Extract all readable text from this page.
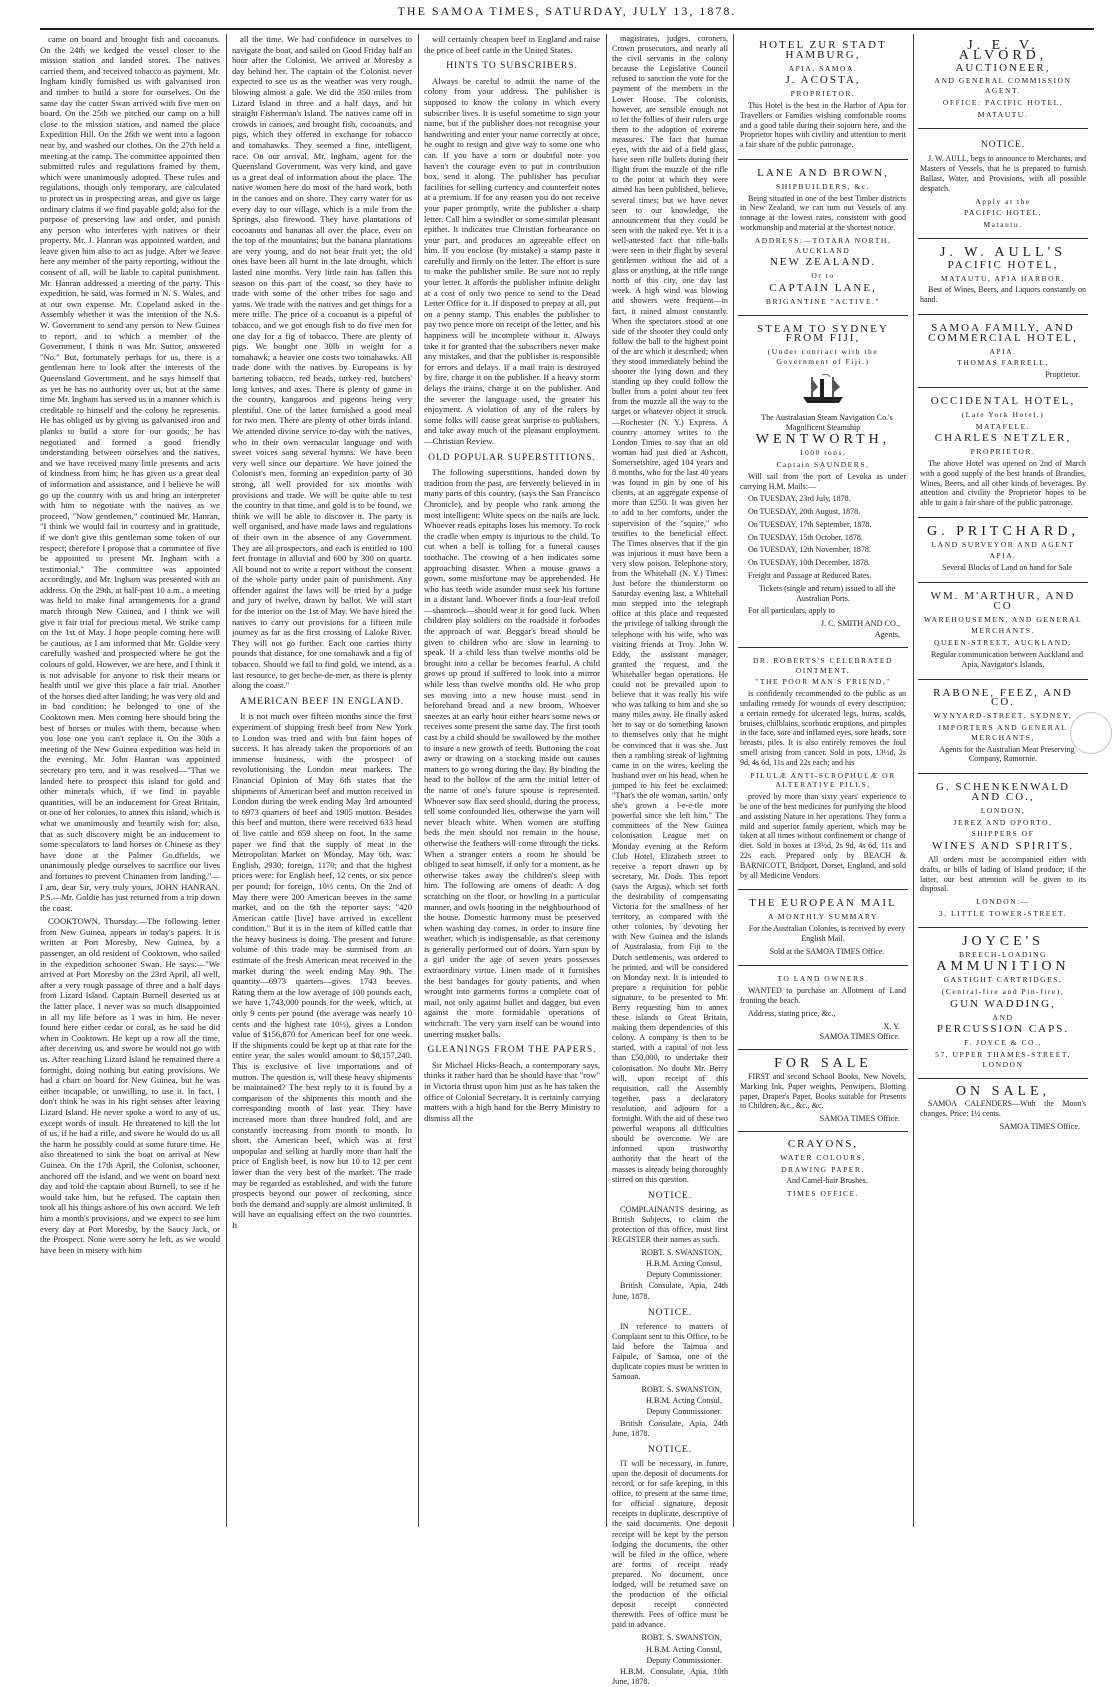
THE SAMOA TIMES, SATURDAY, JULY 13, 1878.

came on board and brought fish and cocoanuts. On the 24th we kedged the vessel closer to the mission station and landed stores. The natives carried them, and received tobacco as payment. Mr. Ingham kindly furnished us with galvanised iron and timber to build a store for ourselves. On the same day the cutter Swan arrived with five men on board. On the 25th we pitched our camp on a hill close to the mission station, and named the place Expedition Hill. On the 26th we went into a lagoon near by, and washed our clothes. On the 27th held a meeting at the camp. The committee appointed then submitted rules and regulations framed by them, which were unanimously adopted. These rules and regulations, though only temporary, are calculated to protect us in prospecting areas, and give us large ordinary claims if we find payable gold; also for the purpose of preserving law and order, and punish any person who interferes with natives or their property. Mr. J. Hanran was appointed warden, and leave given him also to act as judge. After we leave here any member of the party reporting, without the consent of all, will be liable to capital punishment. Mr. Hanran addressed a meeting of the party. This expedition, he said, was formed in N. S. Wales, and at our own expense. Mr. Copeland asked in the Assembly whether it was the intention of the N.S. W. Government to send any person to New Guinea to report, and to which a member of the Government, I think it was Mr. Suttor, answered "No." But, fortunately perhaps for us, there is a gentleman here to look after the interests of the Queensland Government, and he says himself that as yet he has no authority over us, but at the same time Mr. Ingham has served us in a manner which is creditable to himself and the colony he represents. He has obliged us by giving us galvanised iron and planks to build a store for our goods; he has negotiated and formed a good friendly understanding between ourselves and the natives, and we have received many little presents and acts of kindness from him; he has given us a great deal of information and assistance, and I believe he will go up the country with us and bring an interpreter with him to negotiate with the natives as we proceed, "Now gentlemen," continued Mr. Hanran, "I think we would fail in courtesy and in gratitude, if we don't give this gentleman some token of our respect; therefore I propose that a committee of five be appointed to present Mr. Ingham with a testimonial." The committee was appointed accordingly, and Mr. Ingham was presented with an address. On the 29th, at half-past 10 a.m., a meeting was held to make final arrangements for a grand march through New Guinea, and I think we will give it fair trial for precious metal. We strike camp on the 1st of May. I hope people coming here will be cautious, as I am informed that Mr. Goldie very carefully washed and prospected where he got the colours of gold. However, we are here, and I think it is not advisable for anyone to risk their means or health until we give this place a fair trial. Another of the horses died after landing; he was very old and in bad condition; he belonged to one of the Cooktown men. Men coming here should bring the best of horses or mules with them, because when you lose one you can't replace it. On the 30th a meeting of the New Guinea expedition was held in the evening. Mr. John Hanran was appointed secretary pro tem, and it was resolved—"That we landed here to prospect this island for gold and other minerals which, if we find in payable quantities, will be an inducement for Great Britain, or one of her colonies, to annex this island, which is what we unanimously and heartily wish for; also, that as such discovery might be an inducement to some speculators to land horses or Chinese as they have done at the Palmer Go.dfields, we unanimously pledge ourselves to sacrifice our lives and fortunes to prevent Chinamen from landing."—I am, dear Sir, very truly yours, JOHN HANRAN. P.S.—Mr. Goldie has just returned from a trip down the coast.

COOKTOWN, Thursday.—The following letter from New Guinea, appears in today's papers. It is written at Port Moresby, New Guinea, by a passenger, an old resident of Cooktown, who sailed in the expedition schooner Swan. He says:—"We arrived at Port Moresby on the 23rd April, all well, after a very rough passage of three and a half days from Lizard Island. Captain Burnell deserted us at the latter place. I never was so much disappointed in all my life before as I was in him. He never found here either cedar or coral, as he said he did when in Cooktown. He kept up a row all the time, after deceiving us, and swore he would not go with us. After reaching Lizard Island he remained there a fortnight, doing nothing but eating provisions. We had a chart on board for New Guinea, but he was either incapable, or unwilling, to use it. In fact, I don't think he was in his right senses after leaving Lizard Island. He never spoke a word to any of us, except words of insult. He threatened to kill the lot of us, if he had a rifle, and swore he would do us all the harm he possibly could at some future time. He also threatened to sink the boat on arrival at New Guinea. On the 17th April, the Colonist, schooner, anchored off the island, and we went on board next day and told the captain about Burnell, to see if he would take him, but he refused. The captain then took all his things ashore of his own accord. We left him a month's provisions, and we expect to see him every day at Port Moresby, by the Saucy Jack, or the Prospect. None were sorry he left, as we would have been in misery with him

all the time. We had confidence in ourselves to navigate the boat, and sailed on Good Friday half an hour after the Colonist. We arrived at Moresby a day behind her. The captain of the Colonist never expected to see us as the weather was very rough, blowing almost a gale. We did the 350 miles from Lizard Island in three and a half days, and hit straight Fisherman's Island. The natives came off in crowds in canoes, and brought fish, cocoanuts, and pigs, which they offered in exchange for tobacco and tomahawks. They seemed a fine, intelligent, race. On our arrival, Mr. Ingham, agent for the Queensland Government, was very kind, and gave us a great deal of information about the place. The native women here do most of the hard work, both in the canoes and on shore. They carry water for us every day to our village, which is a mile from the Springs, also firewood. They have plantations of cocoanuts and bananas all over the place, even on the top of the mountains; but the banana plantations are very young, and do not bear fruit yet; the old ones have been all burnt in the late drought, which lasted nine months. Very little rain has fallen this season on this part of the coast, so they have to trade with some of the other tribes for sago and yams. We trade with the natives and get things for a mere trifle. The price of a cocoanut is a pipeful of tobacco, and we got enough fish to do five men for one day for a fig of tobacco. There are plenty of pigs. We bought one 30lb in weight for a tomahawk; a heavier one costs two tomahawks. All trade done with the natives by Europeans is by bartering tobacco, red beads, turkey red, butchers' long knives, and axes. There is plenty of game in the country, kangaroos and pigeons being very plentiful. One of the latter furnished a good meal for two men. There are plenty of other birds inland. We attended divine service to-day with the natives, who in their own vernacular language and with sweet voices sang several hymns. We have been very well since our departure. We have joined the Colonist's men, forming an expedition party of 30 strong, all well provided for six months with provisions and trade. We will be quite able to test the country in that time, and gold is to be found, we think we will be able to discover it. The party is well organised, and have made laws and regulations of their own in the absence of any Government. They are all prospectors, and each is entitled to 100 feet frontage in alluvial and 600 by 300 on quartz. All bound not to write a report without the consent of the whole party under pain of punishment. Any offender against the laws will be tried by a judge and jury of twelve, drawn by ballot. We will start for the interior on the 1st of May. We have hired the natives to carry our provisions for a fifteen mile journey as far as the first crossing of Laloke River. They will not go further. Each one carries thirty pounds that distance, for one tomahawk and a fig of tobacco. Should we fail to find gold, we intend, as a last resource, to get beche-de-mer, as there is plenty along the coast."

AMERICAN BEEF IN ENGLAND.

It is not much over fifteen months since the first experiment of shipping fresh beef from New York to London was tried and with but faint hopes of success. It has already taken the proportions of an immense business, with the prospect of revolutionising the London meat markets. The Financial Opinion of May 6th states that the shipments of American beef and mutton received in London during the week ending May 3rd amounted to 6973 quarters of beef and 1905 mutton. Besides this beef and mutton, there were received 633 head of live cattle and 659 sheep on foot. In the same paper we find that the supply of meat in the Metropolitan Market on Monday, May 6th, was: English, 2930; foreign, 1170; and that the highest prices were: for English beef, 12 cents, or six pence per pound; for foreign, 10½ cents. On the 2nd of May there were 200 American beeves in the same market, and on the 6th the reporter says: "420 American cattle [live] have arrived in excellent condition." But it is in the item of killed cattle that the heavy business is doing. The present and future volume of this trade may be surmised from an estimate of the fresh American meat received in the market during the week ending May 9th. The quantity—6973 quarters—gives 1743 beeves. Rating them at the low average of 100 pounds each, we have 1,743,000 pounds for the week, which, at only 9 cents per pound (the average was nearly 10 cents and the highest rate 10½), gives a London value of $156,870 for American beef for one week. If the shipments could be kept up at that rate for the entire year, the sales would amount to $8,157,240. This is exclusive of live importations and of mutton. The question is, will these heavy shipments be maintained? The best reply to it is found by a comparison of the shipments this month and the corresponding month of last year. They have increased more than three hundred fold, and are constantly increasing from month to month. In short, the American beef, which was at first unpopular and selling at hardly more than half the price of English beef, is now but 10 to 12 per cent lower than the very best of the market. The trade may be regarded as established, and with the future prospects beyond our power of reckoning, since both the demand and supply are almost unlimited. It will have an equalising effect on the two countries. It

will certainly cheapen beef in England and raise the price of beef cattle in the United States.

HINTS TO SUBSCRIBERS.

Always be careful to admit the name of the colony from your address. The publisher is supposed to know the colony in which every subscriber lives. It is useful sometime to sign your name, but if the publisher does not recognise your handwriting and enter your name correctly at once, he ought to resign and give way to some one who can. If you have a torn or doubtful note you haven't the courage even to put in contribution box, send it along. The publisher has peculiar facilities for selling currency and counterfeit notes at a premium. If for any reason you do not receive your paper promptly, write the publisher a sharp letter. Call him a swindler or some similar pleasant epithet. It indicates true Christian forbearance on your part, and produces an agreeable effect on him. If you enclose (by mistake) a stamp paste it carefully and firmly on the letter. The effort is sure to make the publisher smile. Be sure not to reply your letter. It affords the publisher infinite delight at a cost of only two pence to send to the Dead Letter Office for it. If disposed to prepay at all, put on a penny stamp. This enables the publisher to pay two pence more on receipt of the letter, and his happiness will be incomplete without it. Always take it for granted that the subscribers never make any mistakes, and that the publisher is responsible for errors and delays. If a mail train is destroyed by fire, charge it on the publisher. If a heavy storm delays the trains, charge it on the publisher. And the severer the language used, the greater his enjoyment. A violation of any of the rulers by some folks will cause great surprise to publishers, and take away much of the pleasant employment.—Christian Review.

OLD POPULAR SUPERSTITIONS.

The following superstitions, handed down by tradition from the past, are fervently believed in in many parts of this country, (says the San Francisco Chronicle), and by people who rank among the most intelligent: White specs on the nails are luck. Whoever reads epitaphs loses his memory. To rock the cradle when empty is injurious to the child. To cut when a bell is tolling for a funeral causes toothache. The crowing of a hen indicates some approaching disaster. When a mouse gnaws a gown, some misfortune may be apprehended. He who has teeth wide asunder must seek his fortune in a distant land. Whoever finds a four-leaf trefoil—shamrock—should wear it for good luck. When children play soldiers on the roadside it forbodes the approach of war. Beggar's bread should be given to children who are slow in learning to speak. If a child less than twelve months old be brought into a cellar be becomes fearful. A child grows up proud if suffered to look into a mirror while less than twelve months old. He who prop ses moving into a new house must send in beforehand bread and a new broom. Whoever sneezes at an early hour either hears some news or receives some present the same day. The first tooth cast by a child should be swallowed by the mother to insure a new growth of teeth. Buttoning the coat awry or drawing on a stocking inside out causes matters to go wrong during the day. By binding the head to the hollow of the arm the initial letter of the name of one's future spouse is represented. Whoever sow flax seed should, during the process, tell some confounded lies, otherwise the yarn will never bleach white. When women are stuffing beds the men should not remain in the house, otherwise the feathers will come through the ticks. When a stranger enters a room he should be obliged to seat himself, if only for a moment, as he otherwise takes away the children's sleep with him. The following are omens of death: A dog scratching on the floor, or howling in a particular manner, and owls hooting in the neighbourhood of the house. Domestic harmony must be preserved when washing day comes, in order to insure fine weather, which is indispensable, as that ceremony is generally performed out of doors. Yarn spun by a girl under the age of seven years possesses extraordinary virtue. Linen made of it furnishes the best bandages for gouty patients, and when wrought into garments forms a complete coat of mail, not only against bullet and dagger, but even against the more formidable operations of witchcraft. The very yarn itself can be wound into unerring musket balls.

GLEANINGS FROM THE PAPERS.

Sir Michael Hicks-Beach, a contemporary says, thinks it rather hard that he should have that "row" in Victoria thrust upon him just as he has taken the office of Colonial Secretary. It is certainly carrying matters with a high hand for the Berry Ministry to dismiss all the

magistrates, judges, coroners, Crown prosecutors, and nearly all the civil servants in the colony because the Legislative Council refused to sanction the vote for the payment of the members in the Lower House. The colonists, however, are sensible enough not to let the follies of their rulers urge them to the adoption of extreme measures. The fact that human eyes, with the aid of a field glass, have seen rifle bullets during their flight from the muzzle of the rifle to the point at which they were aimed has been published, believe, several times; but we have never seen to our knowledge, the announcement that they could be seen with the naked eye. Yet it is a well-attested fact that rifle-balls were seen in their flight by several gentlemen without the aid of a glass or anything, at the rifle range north of this city, one day last week. A high wind was blowing and showers were frequent—in fact, it rained almost constantly. When the spectators stood at one side of the shooter they could only follow the ball to the highest point of the arc which it described; when they stood immediately behind the shooter the lying down and they standing up they could follow the bullet from a point about ten feet from the muzzle all the way to the target or whatever object it struck.—Rochester (N. Y.) Express. A country attorney writes to the London Times to say that an old woman had just died at Ashcott, Somersetshire, aged 104 years and 8 months, who for the last 40 years was found in gin by one of his clients, at an aggregate expense of more than £250. It was given her to add to her comforts, under the supervision of the "squire," who testifies to the beneficial effect. The Times observes that if the gin was injurious it must have been a very slow poison. Telephone story, from the Whitehall (N. Y.) Times: Just before the thunderstorm on Saturday evening last, a Whitehall man stepped into the telegraph office at this place and requested the privilege of talking through the telephone with his wife, who was visiting friends at Troy. John W. Eddy, the assistant manager, granted the request, and the Whitehaller began operations. He could not be prevailed upon to believe that it was really his wife who was talking to him and she so many miles away. He finally asked her to say or do something known to themselves only that he might be convinced that it was she. Just then a rambling streak of lightning came in on the wires, keeling the husband over on his head, when he jumped to his feet he exclaimed: "That's the ole woman, sartin,' only she's grown a l-e-e-tle more powerful since she left him." The committees of the New Guinea colonisation League met on Monday evening at the Reform Club Hotel, Elizabeth street to receive a report drawn up by secretary, Mr. Dods. This report (says the Argus), which set forth the desirability of compensating Victoria for the smallness of her territory, as compared with the other colonies, by devoting her with New Guinea and the islands of Australasia, from Fiji to the Dutch settlements, was ordered to be printed, and will be considered on Monday next. It is intended to prepare a requisition for public signature, to be presented to Mr. Berry requesting him to annex these islands to Great Britain, making them dependencies of this colony. A company is then to be started, with a capital of not less than £50,000, to undertake their colonisation. No doubt Mr. Berry will, upon receipt of this requisition, call the Assembly together, pass a declaratory resolution, and adjourn for a fortnight. With the aid of these two powerful weapons all difficulties should be overcome. We are informed upon trustworthy authority that the heart of the masses is already being thoroughly stirred on this question.

NOTICE.

COMPLAINANTS desiring, as British Subjects, to claim the protection of this office, must first REGISTER their names as such.

ROBT. S. SWANSTON,
H.B.M. Acting Consul,
Deputy Commissioner.

British Consulate, Apia, 24th June, 1878.

NOTICE.

IN reference to matters of Complaint sent to this Office, to be laid before the Taimua and Faipule, of Samoa, one of the duplicate copies must be written in Samoan.

ROBT. S. SWANSTON,
H.B.M. Acting Consul,
Deputy Commissioner.

British Consulate, Apia, 24th June, 1878.

NOTICE.

IT will be necessary, in future, upon the deposit of documents for record, or for safe keeping, in this office, to present at the same time, for official signature, deposit receipts in duplicate, descriptive of the said documents. One deposit receipt will be kept by the person lodging the documents, the other will be filed in the office, where are forms of receipt ready prepared. No document, once lodged, will be returned save on the production of the official deposit receipt connected therewith. Fees of office must be paid in advance.

ROBT. S. SWANSTON,
H.B.M. Acting Consul,
Deputy Commissioner.

H.B.M. Consulate, Apia, 10th June, 1878.

HOTEL ZUR STADT HAMBURG,
APIA, SAMOA.
J. ACOSTA,
PROPRIETOR.

This Hotel is the best in the Harbor of Apia for Travellers or Families wishing comfortable rooms and a good table during their sojourn here, and the Proprietor hopes with civility and attention to merit a fair share of the public patronage.

LANE AND BROWN,
SHIPBUILDERS, &c.

Being situated in one of the best Timber districts in New Zealand, we can turn out Vessels of any tonnage at the lowest rates, consistent with good workmanship and material at the shortest notice.

ADDRESS:—TOTARA NORTH, AUCKLAND
NEW ZEALAND.
Or to
CAPTAIN LANE,
BRIGANTINE "ACTIVE."
STEAM TO SYDNEY FROM FIJI,
(Under contract with the Government of Fiji.)

The Australasian Steam Navigation Co.'s Magnificent Steamship

WENTWORTH,
1000 tons,
Captain SAUNDERS,

Will sail from the port of Levuka as under carrying H.M. Mails:—

On TUESDAY, 23rd July, 1878.

On TUESDAY, 20th August, 1878.

On TUESDAY, 17th September, 1878.

On TUESDAY, 15th October, 1878.

On TUESDAY, 12th November, 1878.

On TUESDAY, 10th December, 1878.

Freight and Passage at Reduced Rates.

Tickets (single and return) issued to all the Australian Ports.

For all particulars, apply to

J. C. SMITH AND CO.,
Agents,
DR. ROBERTS'S CELEBRATED OINTMENT,
"THE POOR MAN'S FRIEND,"

is confidently recommended to the public as an unfailing remedy for wounds of every description; a certain remedy for ulcerated legs, burns, scalds, bruises, chilblains, scorbutic eruptions, and pimples in the face, sore and inflamed eyes, sore heads, sore breasts, piles. It is also entirely removes the foul smell arising from cancer. Sold in pots, 13½d, 2s 9d, 4s 6d, 11s and 22s each; and his

PILULÆ ANTI-SCROPHULÆ OR ALTERATIVE PILLS,

proved by more than sixty years' experience to be one of the best medicines for purifying the blood and assisting Nature in her operations. They form a mild and superior family aperient, which may be taken at all times without confinement or change of diet. Sold in boxes at 13½d, 2s 9d, 4s 6d, 11s and 22s each. Prepared only by BEACH & BARNICOTT, Bridport, Dorset, England, and sold by all Medicine Vendors.

THE EUROPEAN MAIL
A MONTHLY SUMMARY

For the Australian Colonies, is received by every English Mail.

Sold at the SAMOA TIMES Office.

TO LAND OWNERS.

WANTED to purchase an Allotment of Land fronting the beach.

Address, stating price, &c.,

X. Y.
SAMOA TIMES Office.
FOR SALE

FIRST and second School Books, New Novels, Marking Ink, Paper weights, Penwipers, Blotting paper, Draper's Paper, Books suitable for Presents to Children, &c., &c., &c.

SAMOA TIMES Office.
CRAYONS,
WATER COLOURS,
DRAWING PAPER,

And Camel-hair Brushes.

TIMES OFFICE.
J. E. V. ALVORD,
AUCTIONEER,
AND GENERAL COMMISSION AGENT.
OFFICE: PACIFIC HOTEL,
MATAUTU.
NOTICE.

J. W. AULL, begs to announce to Merchants, and Masters of Vessels, that he is prepared to furnish Ballast, Water, and Provisions, with all possible despatch.

Apply at the
PACIFIC HOTEL,
Matautu.
J. W. AULL'S
PACIFIC HOTEL,
MATAUTU, APIA HARBOR.

Best of Wines, Beers, and Liquors constantly on hand.

SAMOA FAMILY, AND COMMERCIAL HOTEL,
APIA.
THOMAS FARRELL,
Proprietor.
OCCIDENTAL HOTEL,
(Late York Hotel.)
MATAFELE.
CHARLES NETZLER,
PROPRIETOR.

The above Hotel was opened on 2nd of March with a good supply of the best brands of Brandies, Wines, Beers, and all other kinds of beverages. By attention and civility the Proprietor hopes to be able to gain a fair share of the public patronage.

G. PRITCHARD,
LAND SURVEYOR AND AGENT
APIA.

Several Blocks of Land on hand for Sale

WM. M'ARTHUR, AND CO
WAREHOUSEMEN, AND GENERAL
MERCHANTS.
QUEEN-STREET, AUCKLAND.

Regular communication between Auckland and Apia, Navigator's Islands.

RABONE, FEEZ, AND CO.
WYNYARD-STREET, SYDNEY,
IMPORTERS AND GENERAL MERCHANTS,

Agents for the Australian Meat Preserving Company, Ramornie.

G. SCHENKENWALD AND CO.,
LONDON,
JEREZ AND OPORTO,
SHIPPERS OF
WINES AND SPIRITS.

All orders must be accompanied either with drafts, or bills of lading of Island produce; if the latter, our best attention will be given to its disposal.

LONDON:—
3, LITTLE TOWER-STREET.
JOYCE'S
BREECH-LOADING
AMMUNITION
GASTIGHT CARTRIDGES,
(Central-fire and Pin-fire),
GUN WADDING,
AND
PERCUSSION CAPS.
F. JOYCE & CO.,
57, UPPER THAMES-STREET, LONDON
ON SALE,

SAMOA CALENDERS—With the Moon's changes. Price: 1½ cents.

SAMOA TIMES Office.
